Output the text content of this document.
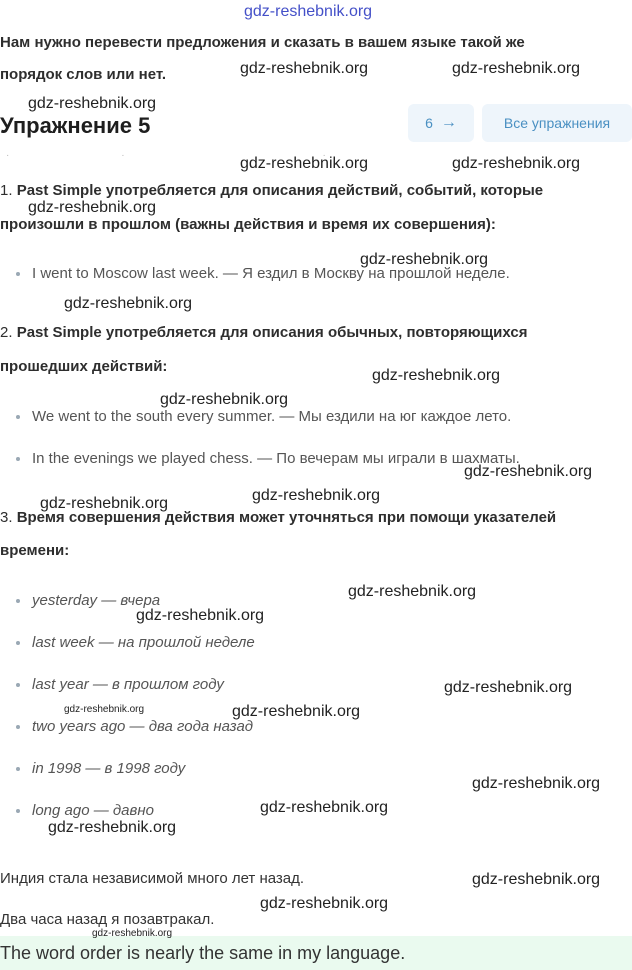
gdz-reshebnik.org
Нам нужно перевести предложения и сказать в вашем языке такой же
порядок слов или нет.
Упражнение 5	6 →	Все упражнения
·                       ·                                         ·
1. Past Simple употребляется для описания действий, событий, которые
произошли в прошлом (важны действия и время их совершения):
I went to Moscow last week. — Я ездил в Москву на прошлой неделе.
2. Past Simple употребляется для описания обычных, повторяющихся
прошедших действий:
We went to the south every summer. — Мы ездили на юг каждое лето.
In the evenings we played chess. — По вечерам мы играли в шахматы.
3. Время совершения действия может уточняться при помощи указателей
времени:
yesterday — вчера
last week — на прошлой неделе
last year — в прошлом году
two years ago — два года назад
in 1998 — в 1998 году
long ago — давно
Индия стала независимой много лет назад.
Два часа назад я позавтракал.
The word order is nearly the same in my language.
gdz-reshebnik.org	gdz-reshebnik.org
gdz-reshebnik.org
gdz-reshebnik.org	gdz-reshebnik.org
gdz-reshebnik.org
gdz-reshebnik.org
gdz-reshebnik.org
gdz-reshebnik.org
gdz-reshebnik.org
gdz-reshebnik.org
gdz-reshebnik.org
gdz-reshebnik.org
gdz-reshebnik.org
gdz-reshebnik.org
gdz-reshebnik.org
gdz-reshebnik.org	gdz-reshebnik.org
gdz-reshebnik.org
gdz-reshebnik.org
gdz-reshebnik.org
gdz-reshebnik.org
gdz-reshebnik.org
gdz-reshebnik.org
